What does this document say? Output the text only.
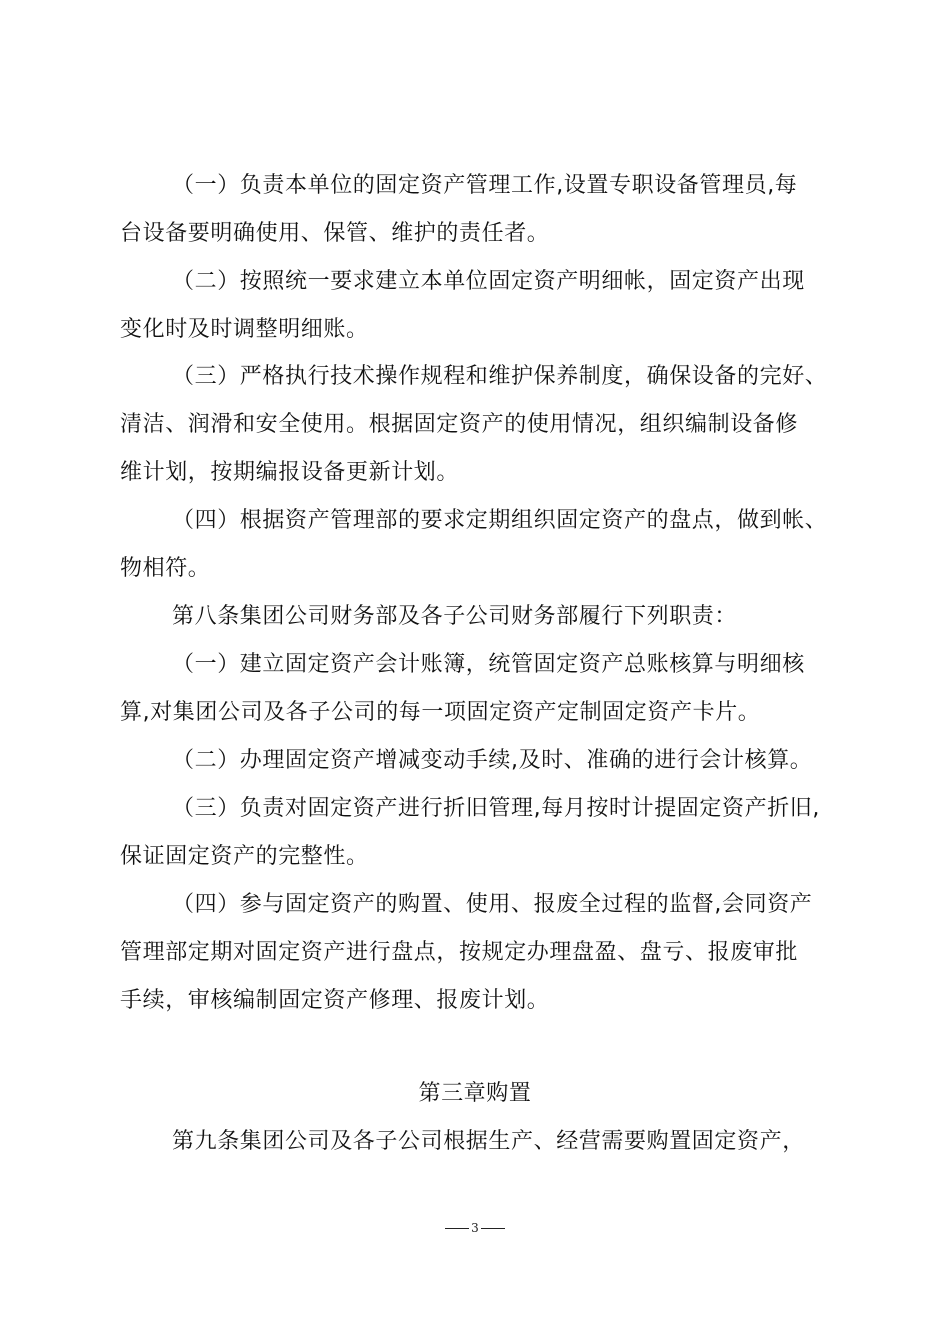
（一）负责本单位的固定资产管理工作,设置专职设备管理员,每
台设备要明确使用、保管、维护的责任者。
（二）按照统一要求建立本单位固定资产明细帐，固定资产出现
变化时及时调整明细账。
（三）严格执行技术操作规程和维护保养制度，确保设备的完好、
清洁、润滑和安全使用。根据固定资产的使用情况，组织编制设备修
维计划，按期编报设备更新计划。
（四）根据资产管理部的要求定期组织固定资产的盘点，做到帐、
物相符。
第八条集团公司财务部及各子公司财务部履行下列职责：
（一）建立固定资产会计账簿，统管固定资产总账核算与明细核
算,对集团公司及各子公司的每一项固定资产定制固定资产卡片。
（二）办理固定资产增减变动手续,及时、准确的进行会计核算。
（三）负责对固定资产进行折旧管理,每月按时计提固定资产折旧,
保证固定资产的完整性。
（四）参与固定资产的购置、使用、报废全过程的监督,会同资产
管理部定期对固定资产进行盘点，按规定办理盘盈、盘亏、报废审批
手续，审核编制固定资产修理、报废计划。
第三章购置
第九条集团公司及各子公司根据生产、经营需要购置固定资产，
3
